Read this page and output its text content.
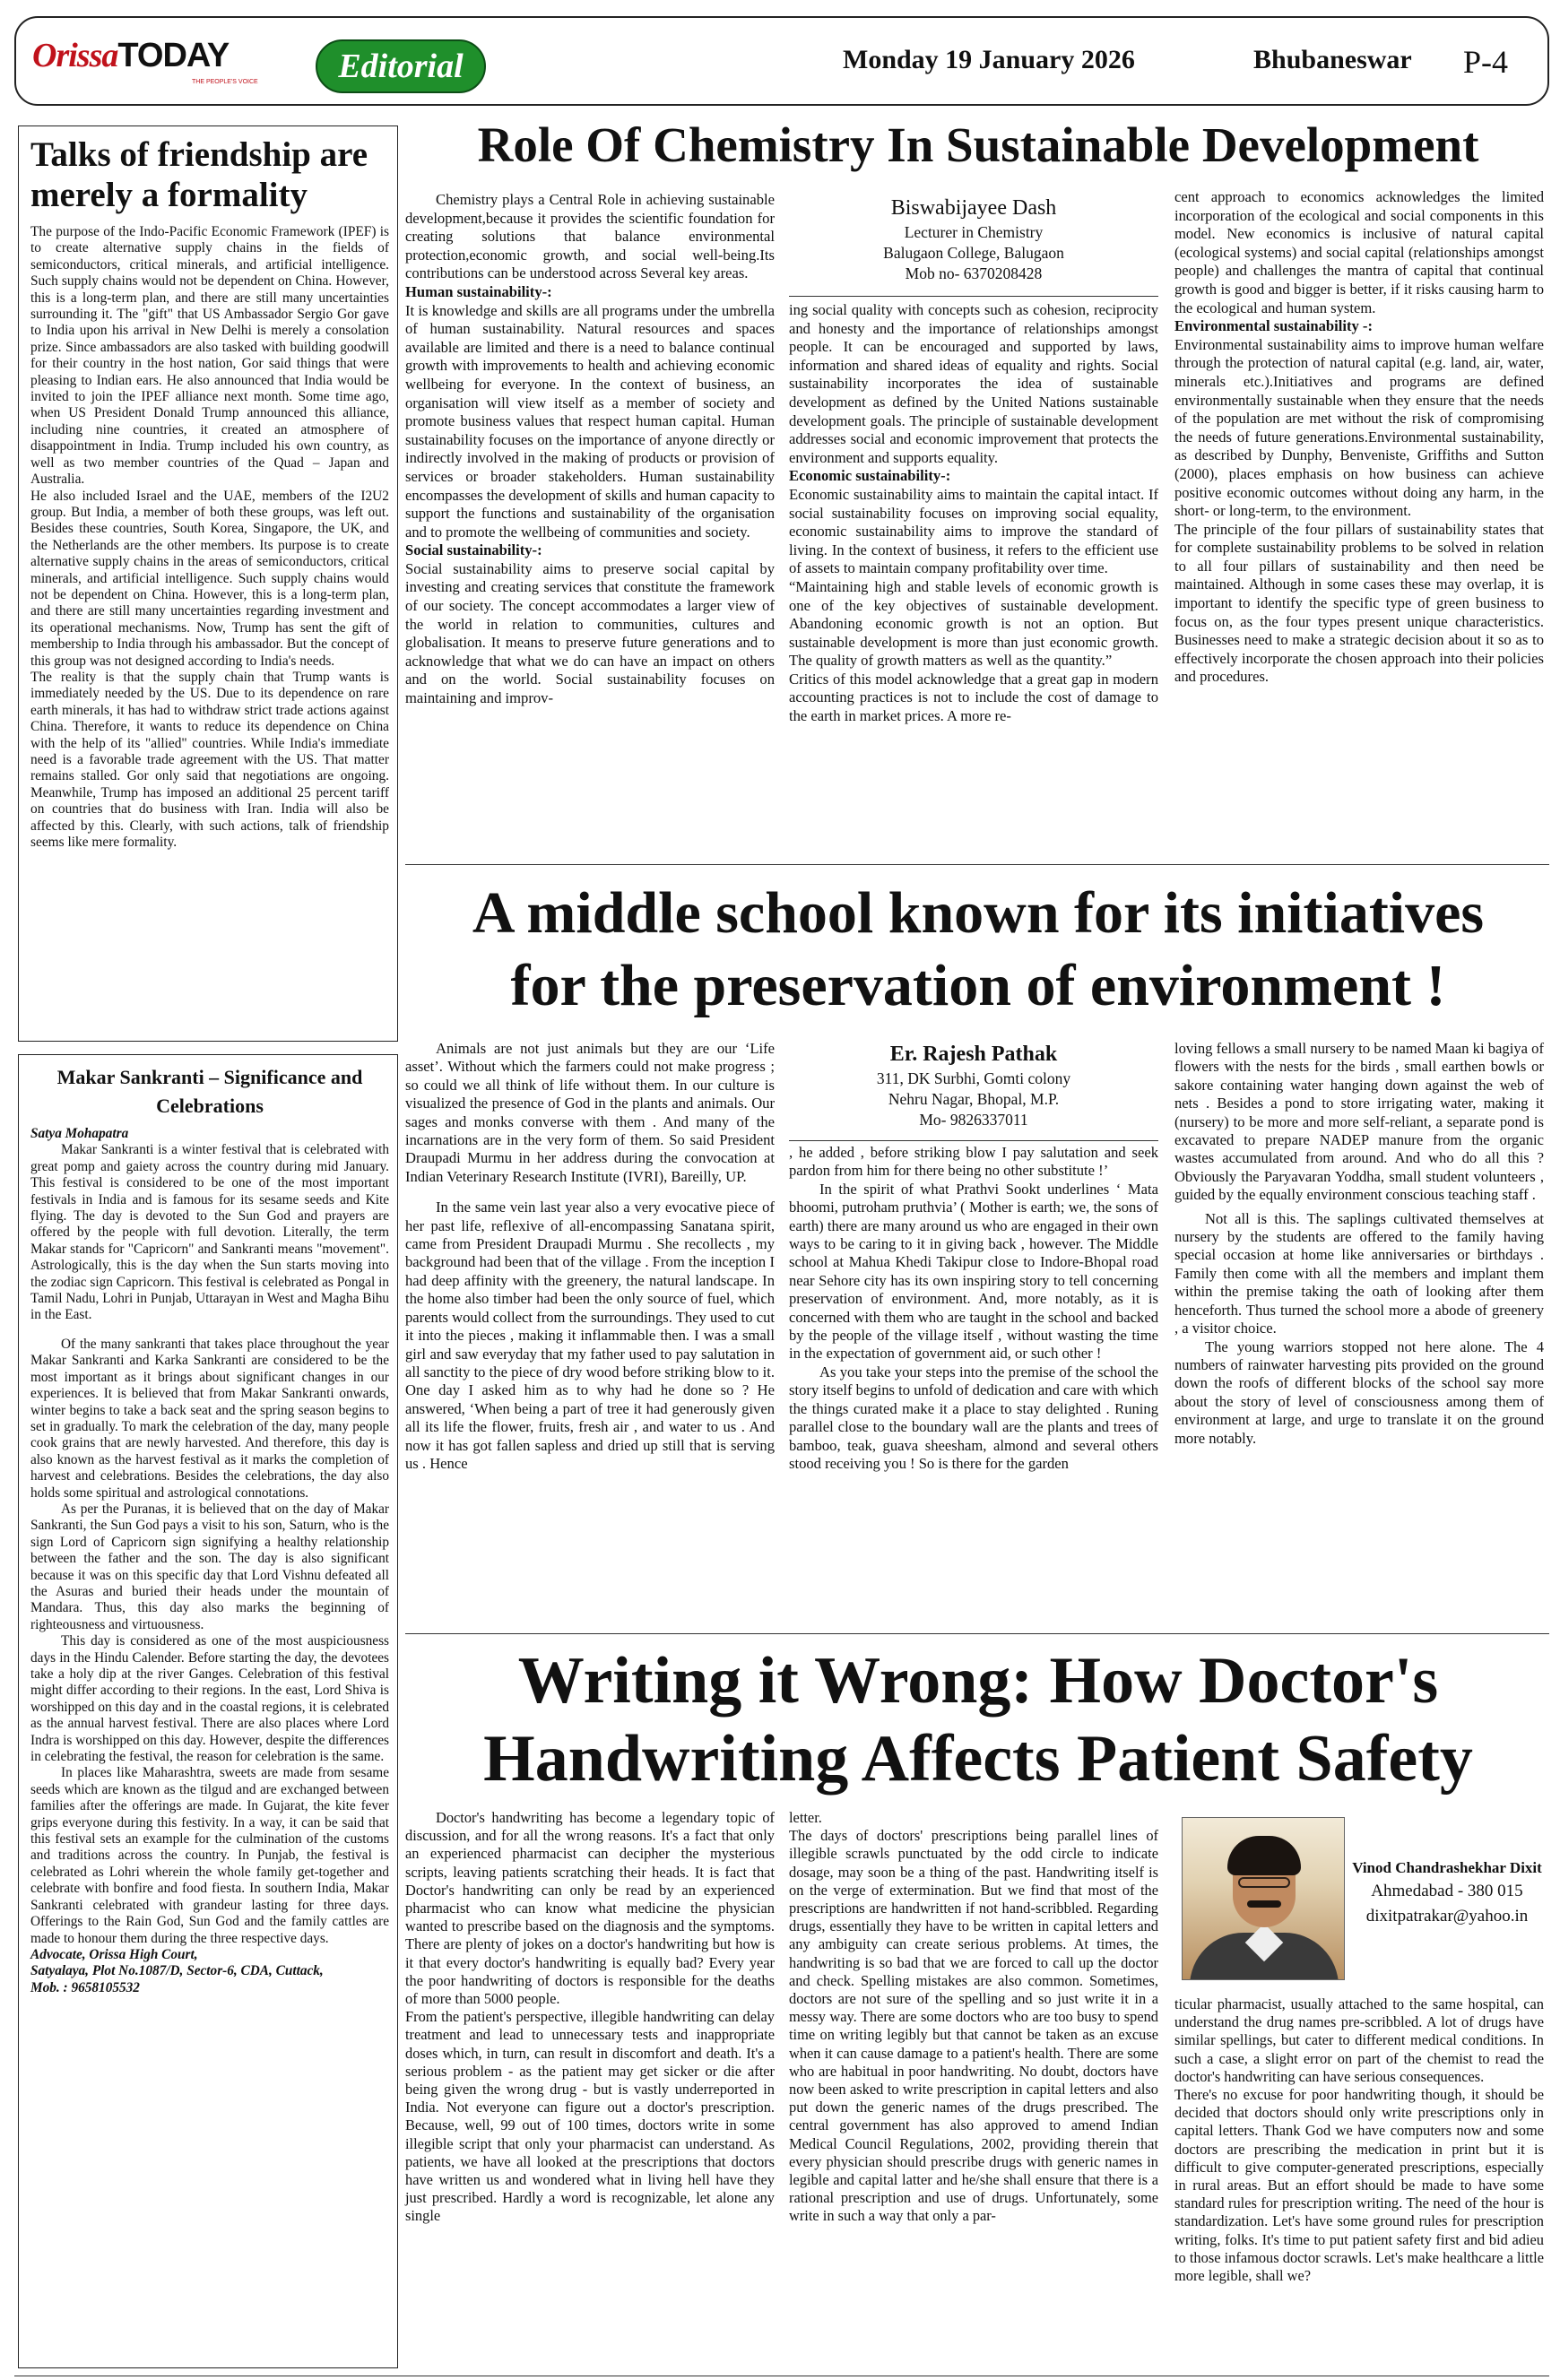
OrissaTODAY
THE PEOPLE'S VOICE	Editorial	Monday 19 January 2026	Bhubaneswar P-4
Talks of friendship are merely a formality

The purpose of the Indo-Pacific Economic Framework (IPEF) is to create alternative supply chains in the fields of semiconductors, critical minerals, and artificial intelligence. Such supply chains would not be dependent on China. However, this is a long-term plan, and there are still many uncertainties surrounding it. The "gift" that US Ambassador Sergio Gor gave to India upon his arrival in New Delhi is merely a consolation prize. Since ambassadors are also tasked with building goodwill for their country in the host nation, Gor said things that were pleasing to Indian ears. He also announced that India would be invited to join the IPEF alliance next month. Some time ago, when US President Donald Trump announced this alliance, including nine countries, it created an atmosphere of disappointment in India. Trump included his own country, as well as two member countries of the Quad – Japan and Australia.

He also included Israel and the UAE, members of the I2U2 group. But India, a member of both these groups, was left out. Besides these countries, South Korea, Singapore, the UK, and the Netherlands are the other members. Its purpose is to create alternative supply chains in the areas of semiconductors, critical minerals, and artificial intelligence. Such supply chains would not be dependent on China. However, this is a long-term plan, and there are still many uncertainties regarding investment and its operational mechanisms. Now, Trump has sent the gift of membership to India through his ambassador. But the concept of this group was not designed according to India's needs.

The reality is that the supply chain that Trump wants is immediately needed by the US. Due to its dependence on rare earth minerals, it has had to withdraw strict trade actions against China. Therefore, it wants to reduce its dependence on China with the help of its "allied" countries. While India's immediate need is a favorable trade agreement with the US. That matter remains stalled. Gor only said that negotiations are ongoing. Meanwhile, Trump has imposed an additional 25 percent tariff on countries that do business with Iran. India will also be affected by this. Clearly, with such actions, talk of friendship seems like mere formality.

Makar Sankranti – Significance and Celebrations

Satya Mohapatra

Makar Sankranti is a winter festival that is celebrated with great pomp and gaiety across the country during mid January. This festival is considered to be one of the most important festivals in India and is famous for its sesame seeds and Kite flying. The day is devoted to the Sun God and prayers are offered by the people with full devotion. Literally, the term Makar stands for "Capricorn" and Sankranti means "movement". Astrologically, this is the day when the Sun starts moving into the zodiac sign Capricorn. This festival is celebrated as Pongal in Tamil Nadu, Lohri in Punjab, Uttarayan in West and Magha Bihu in the East.

Of the many sankranti that takes place throughout the year Makar Sankranti and Karka Sankranti are considered to be the most important as it brings about significant changes in our experiences. It is believed that from Makar Sankranti onwards, winter begins to take a back seat and the spring season begins to set in gradually. To mark the celebration of the day, many people cook grains that are newly harvested. And therefore, this day is also known as the harvest festival as it marks the completion of harvest and celebrations. Besides the celebrations, the day also holds some spiritual and astrological connotations.

As per the Puranas, it is believed that on the day of Makar Sankranti, the Sun God pays a visit to his son, Saturn, who is the sign Lord of Capricorn sign signifying a healthy relationship between the father and the son. The day is also significant because it was on this specific day that Lord Vishnu defeated all the Asuras and buried their heads under the mountain of Mandara. Thus, this day also marks the beginning of righteousness and virtuousness.

This day is considered as one of the most auspiciousness days in the Hindu Calender. Before starting the day, the devotees take a holy dip at the river Ganges. Celebration of this festival might differ according to their regions. In the east, Lord Shiva is worshipped on this day and in the coastal regions, it is celebrated as the annual harvest festival. There are also places where Lord Indra is worshipped on this day. However, despite the differences in celebrating the festival, the reason for celebration is the same.

In places like Maharashtra, sweets are made from sesame seeds which are known as the tilgud and are exchanged between families after the offerings are made. In Gujarat, the kite fever grips everyone during this festivity. In a way, it can be said that this festival sets an example for the culmination of the customs and traditions across the country. In Punjab, the festival is celebrated as Lohri wherein the whole family get-together and celebrate with bonfire and food fiesta. In southern India, Makar Sankranti celebrated with grandeur lasting for three days. Offerings to the Rain God, Sun God and the family cattles are made to honour them during the three respective days.

Advocate, Orissa High Court,

Satyalaya, Plot No.1087/D, Sector-6, CDA, Cuttack,

Mob. : 9658105532

Role Of Chemistry In Sustainable Development

Chemistry plays a Central Role in achieving sustainable development,because it provides the scientific foundation for creating solutions that balance environmental protection,economic growth, and social well-being.Its contributions can be understood across Several key areas.

Human sustainability-:

It is knowledge and skills are all programs under the umbrella of human sustainability. Natural resources and spaces available are limited and there is a need to balance continual growth with improvements to health and achieving economic wellbeing for everyone. In the context of business, an organisation will view itself as a member of society and promote business values that respect human capital. Human sustainability focuses on the importance of anyone directly or indirectly involved in the making of products or provision of services or broader stakeholders. Human sustainability encompasses the development of skills and human capacity to support the functions and sustainability of the organisation and to promote the wellbeing of communities and society.

Social sustainability-:

Social sustainability aims to preserve social capital by investing and creating services that constitute the framework of our society. The concept accommodates a larger view of the world in relation to communities, cultures and globalisation. It means to preserve future generations and to acknowledge that what we do can have an impact on others and on the world. Social sustainability focuses on maintaining and improv-

Biswabijayee Dash
Lecturer in Chemistry
Balugaon College, Balugaon
Mob no- 6370208428

ing social quality with concepts such as cohesion, reciprocity and honesty and the importance of relationships amongst people. It can be encouraged and supported by laws, information and shared ideas of equality and rights. Social sustainability incorporates the idea of sustainable development as defined by the United Nations sustainable development goals. The principle of sustainable development addresses social and economic improvement that protects the environment and supports equality.

Economic sustainability-:

Economic sustainability aims to maintain the capital intact. If social sustainability focuses on improving social equality, economic sustainability aims to improve the standard of living. In the context of business, it refers to the efficient use of assets to maintain company profitability over time.

“Maintaining high and stable levels of economic growth is one of the key objectives of sustainable development. Abandoning economic growth is not an option. But sustainable development is more than just economic growth. The quality of growth matters as well as the quantity.”

Critics of this model acknowledge that a great gap in modern accounting practices is not to include the cost of damage to the earth in market prices. A more re-

cent approach to economics acknowledges the limited incorporation of the ecological and social components in this model. New economics is inclusive of natural capital (ecological systems) and social capital (relationships amongst people) and challenges the mantra of capital that continual growth is good and bigger is better, if it risks causing harm to the ecological and human system.

Environmental sustainability -:

Environmental sustainability aims to improve human welfare through the protection of natural capital (e.g. land, air, water, minerals etc.).Initiatives and programs are defined environmentally sustainable when they ensure that the needs of the population are met without the risk of compromising the needs of future generations.Environmental sustainability, as described by Dunphy, Benveniste, Griffiths and Sutton (2000), places emphasis on how business can achieve positive economic outcomes without doing any harm, in the short- or long-term, to the environment.

The principle of the four pillars of sustainability states that for complete sustainability problems to be solved in relation to all four pillars of sustainability and then need be maintained. Although in some cases these may overlap, it is important to identify the specific type of green business to focus on, as the four types present unique characteristics. Businesses need to make a strategic decision about it so as to effectively incorporate the chosen approach into their policies and procedures.

A middle school known for its initiatives
for the preservation of environment !

Animals are not just animals but they are our ‘Life asset’. Without which the farmers could not make progress ; so could we all think of life without them. In our culture is visualized the presence of God in the plants and animals. Our sages and monks converse with them . And many of the incarnations are in the very form of them. So said President Draupadi Murmu in her address during the convocation at Indian Veterinary Research Institute (IVRI), Bareilly, UP.

In the same vein last year also a very evocative piece of her past life, reflexive of all-encompassing Sanatana spirit, came from President Draupadi Murmu . She recollects , my background had been that of the village . From the inception I had deep affinity with the greenery, the natural landscape. In the home also timber had been the only source of fuel, which parents would collect from the surroundings. They used to cut it into the pieces , making it inflammable then. I was a small girl and saw everyday that my father used to pay salutation in all sanctity to the piece of dry wood before striking blow to it. One day I asked him as to why had he done so ? He answered, ‘When being a part of tree it had generously given all its life the flower, fruits, fresh air , and water to us . And now it has got fallen sapless and dried up still that is serving us . Hence

Er. Rajesh Pathak
311, DK Surbhi, Gomti colony
Nehru Nagar, Bhopal, M.P.
Mo- 9826337011

, he added , before striking blow I pay salutation and seek pardon from him for there being no other substitute !’

In the spirit of what Prathvi Sookt underlines ‘ Mata bhoomi, putroham pruthvia’ ( Mother is earth; we, the sons of earth) there are many around us who are engaged in their own ways to be caring to it in giving back , however. The Middle school at Mahua Khedi Takipur close to Indore-Bhopal road near Sehore city has its own inspiring story to tell concerning preservation of environment. And, more notably, as it is concerned with them who are taught in the school and backed by the people of the village itself , without wasting the time in the expectation of government aid, or such other !

As you take your steps into the premise of the school the story itself begins to unfold of dedication and care with which the things curated make it a place to stay delighted . Runing parallel close to the boundary wall are the plants and trees of bamboo, teak, guava sheesham, almond and several others stood receiving you ! So is there for the garden

loving fellows a small nursery to be named Maan ki bagiya of flowers with the nests for the birds , small earthen bowls or sakore containing water hanging down against the web of nets . Besides a pond to store irrigating water, making it (nursery) to be more and more self-reliant, a separate pond is excavated to prepare NADEP manure from the organic wastes accumulated from around. And who do all this ? Obviously the Paryavaran Yoddha, small student volunteers , guided by the equally environment conscious teaching staff .

Not all is this. The saplings cultivated themselves at nursery by the students are offered to the family having special occasion at home like anniversaries or birthdays . Family then come with all the members and implant them within the premise taking the oath of looking after them henceforth. Thus turned the school more a abode of greenery , a visitor choice.

The young warriors stopped not here alone. The 4 numbers of rainwater harvesting pits provided on the ground down the roofs of different blocks of the school say more about the story of level of consciousness among them of environment at large, and urge to translate it on the ground more notably.

Writing it Wrong: How Doctor's
Handwriting Affects Patient Safety

Doctor's handwriting has become a legendary topic of discussion, and for all the wrong reasons. It's a fact that only an experienced pharmacist can decipher the mysterious scripts, leaving patients scratching their heads. It is fact that Doctor's handwriting can only be read by an experienced pharmacist who can know what medicine the physician wanted to prescribe based on the diagnosis and the symptoms. There are plenty of jokes on a doctor's handwriting but how is it that every doctor's handwriting is equally bad? Every year the poor handwriting of doctors is responsible for the deaths of more than 5000 people.

From the patient's perspective, illegible handwriting can delay treatment and lead to unnecessary tests and inappropriate doses which, in turn, can result in discomfort and death. It's a serious problem - as the patient may get sicker or die after being given the wrong drug - but is vastly underreported in India. Not everyone can figure out a doctor's prescription. Because, well, 99 out of 100 times, doctors write in some illegible script that only your pharmacist can understand. As patients, we have all looked at the prescriptions that doctors have written us and wondered what in living hell have they just prescribed. Hardly a word is recognizable, let alone any single

letter.

The days of doctors' prescriptions being parallel lines of illegible scrawls punctuated by the odd circle to indicate dosage, may soon be a thing of the past. Handwriting itself is on the verge of extermination. But we find that most of the prescriptions are handwritten if not hand-scribbled. Regarding drugs, essentially they have to be written in capital letters and any ambiguity can create serious problems. At times, the handwriting is so bad that we are forced to call up the doctor and check. Spelling mistakes are also common. Sometimes, doctors are not sure of the spelling and so just write it in a messy way. There are some doctors who are too busy to spend time on writing legibly but that cannot be taken as an excuse when it can cause damage to a patient's health. There are some who are habitual in poor handwriting. No doubt, doctors have now been asked to write prescription in capital letters and also put down the generic names of the drugs prescribed. The central government has also approved to amend Indian Medical Council Regulations, 2002, providing therein that every physician should prescribe drugs with generic names in legible and capital latter and he/she shall ensure that there is a rational prescription and use of drugs. Unfortunately, some write in such a way that only a par-

Vinod Chandrashekhar Dixit
Ahmedabad - 380 015
dixitpatrakar@yahoo.in

ticular pharmacist, usually attached to the same hospital, can understand the drug names pre-scribbled. A lot of drugs have similar spellings, but cater to different medical conditions. In such a case, a slight error on part of the chemist to read the doctor's handwriting can have serious consequences.

There's no excuse for poor handwriting though, it should be decided that doctors should only write prescriptions only in capital letters. Thank God we have computers now and some doctors are prescribing the medication in print but it is difficult to give computer-generated prescriptions, especially in rural areas. But an effort should be made to have some standard rules for prescription writing. The need of the hour is standardization. Let's have some ground rules for prescription writing, folks. It's time to put patient safety first and bid adieu to those infamous doctor scrawls. Let's make healthcare a little more legible, shall we?
